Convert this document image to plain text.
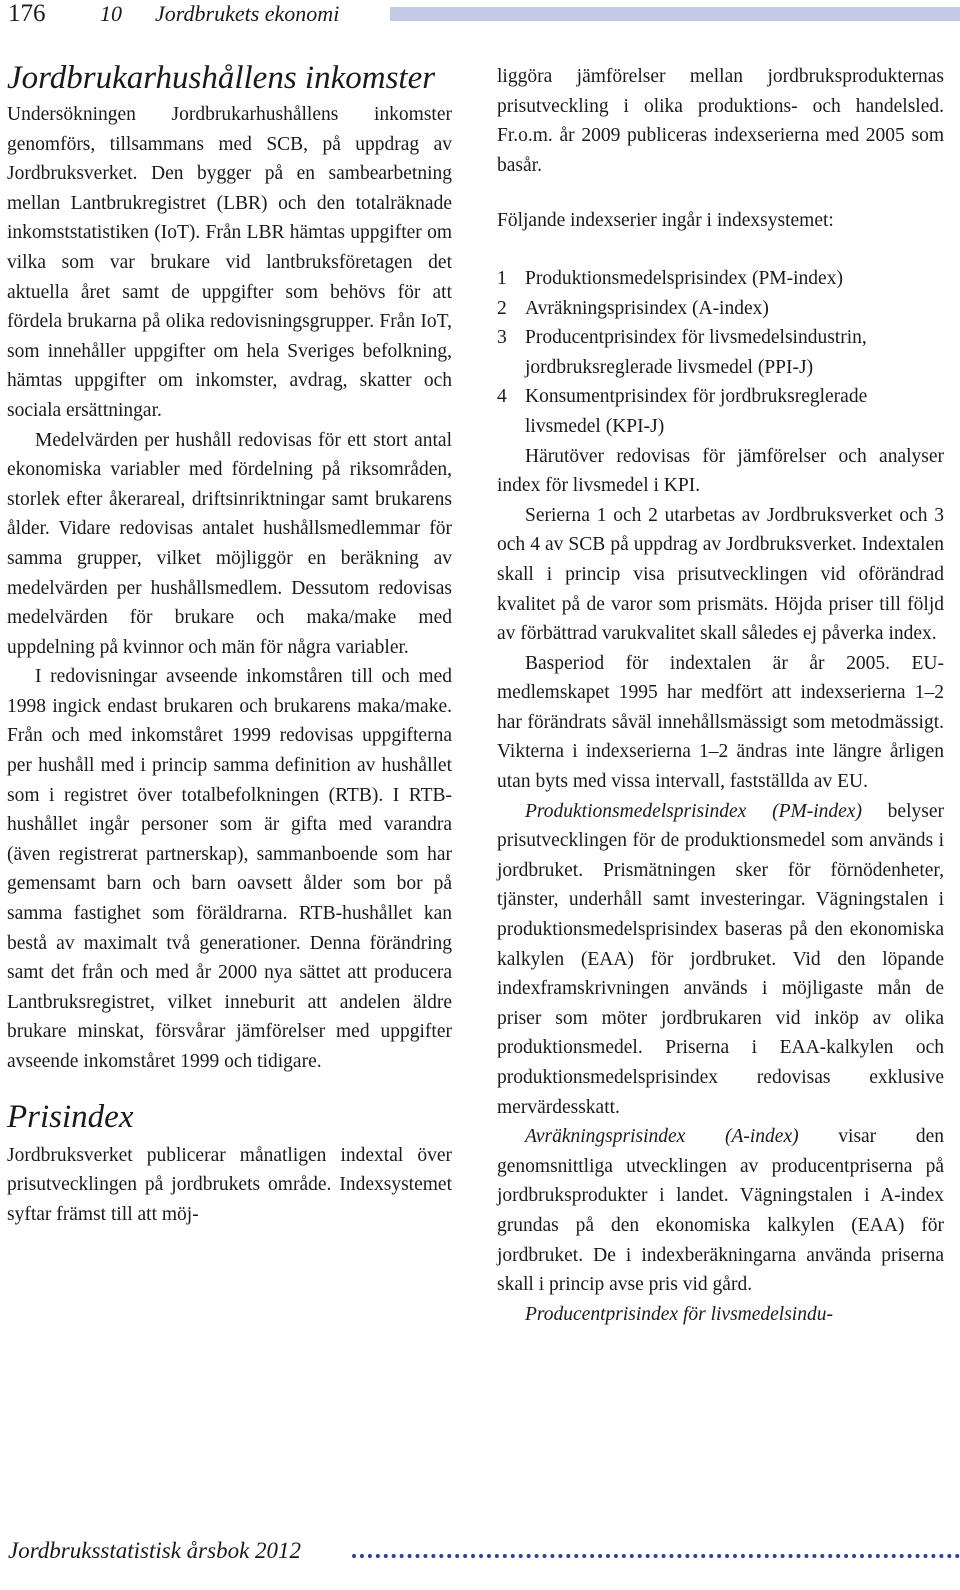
176 10      Jordbrukets ekonomi
Jordbrukarhushållens inkomster

Undersökningen Jordbrukarhushållens inkomster genomförs, tillsammans med SCB, på uppdrag av Jordbruksverket. Den bygger på en sambearbetning mellan Lantbrukregistret (LBR) och den totalräknade inkomststatistiken (IoT). Från LBR hämtas uppgifter om vilka som var brukare vid lantbruksföretagen det aktuella året samt de uppgifter som behövs för att fördela brukarna på olika redovisningsgrupper. Från IoT, som innehåller uppgifter om hela Sveriges befolkning, hämtas uppgifter om inkomster, avdrag, skatter och sociala ersättningar.

Medelvärden per hushåll redovisas för ett stort antal ekonomiska variabler med fördelning på riksområden, storlek efter åkerareal, driftsinriktningar samt brukarens ålder. Vidare redovisas antalet hushållsmedlemmar för samma grupper, vilket möjliggör en beräkning av medelvärden per hushållsmedlem. Dessutom redovisas medelvärden för brukare och maka/make med uppdelning på kvinnor och män för några variabler.

I redovisningar avseende inkomståren till och med 1998 ingick endast brukaren och brukarens maka/make. Från och med inkomståret 1999 redovisas uppgifterna per hushåll med i princip samma definition av hushållet som i registret över totalbefolkningen (RTB). I RTB-hushållet ingår personer som är gifta med varandra (även registrerat partnerskap), sammanboende som har gemensamt barn och barn oavsett ålder som bor på samma fastighet som föräldrarna. RTB-hushållet kan bestå av maximalt två generationer. Denna förändring samt det från och med år 2000 nya sättet att producera Lantbruksregistret, vilket inneburit att andelen äldre brukare minskat, försvårar jämförelser med uppgifter avseende inkomståret 1999 och tidigare.

Prisindex

Jordbruksverket publicerar månatligen indextal över prisutvecklingen på jordbrukets område. Indexsystemet syftar främst till att möj-

liggöra jämförelser mellan jordbruksprodukternas prisutveckling i olika produktions- och handelsled. Fr.o.m. år 2009 publiceras indexserierna med 2005 som basår.

Följande indexserier ingår i indexsystemet:

1 Produktionsmedelsprisindex (PM-index)
2 Avräkningsprisindex (A-index)
3 Producentprisindex för livsmedelsindustrin, jordbruksreglerade livsmedel (PPI-J)
4 Konsumentprisindex för jordbruksreglerade livsmedel (KPI-J)

Härutöver redovisas för jämförelser och analyser index för livsmedel i KPI.

Serierna 1 och 2 utarbetas av Jordbruksverket och 3 och 4 av SCB på uppdrag av Jordbruksverket. Indextalen skall i princip visa prisutvecklingen vid oförändrad kvalitet på de varor som prismäts. Höjda priser till följd av förbättrad varukvalitet skall således ej påverka index.

Basperiod för indextalen är år 2005. EU-medlemskapet 1995 har medfört att indexserierna 1–2 har förändrats såväl innehållsmässigt som metodmässigt. Vikterna i indexserierna 1–2 ändras inte längre årligen utan byts med vissa intervall, fastställda av EU.

Produktionsmedelsprisindex (PM-index) belyser prisutvecklingen för de produktionsmedel som används i jordbruket. Prismätningen sker för förnödenheter, tjänster, underhåll samt investeringar. Vägningstalen i produktionsmedelsprisindex baseras på den ekonomiska kalkylen (EAA) för jordbruket. Vid den löpande indexframskrivningen används i möjligaste mån de priser som möter jordbrukaren vid inköp av olika produktionsmedel. Priserna i EAA-kalkylen och produktionsmedelsprisindex redovisas exklusive mervärdesskatt.

Avräkningsprisindex (A-index) visar den genomsnittliga utvecklingen av producentpriserna på jordbruksprodukter i landet. Vägningstalen i A-index grundas på den ekonomiska kalkylen (EAA) för jordbruket. De i indexberäkningarna använda priserna skall i princip avse pris vid gård.

Producentprisindex för livsmedelsindu-

Jordbruksstatistisk årsbok 2012
